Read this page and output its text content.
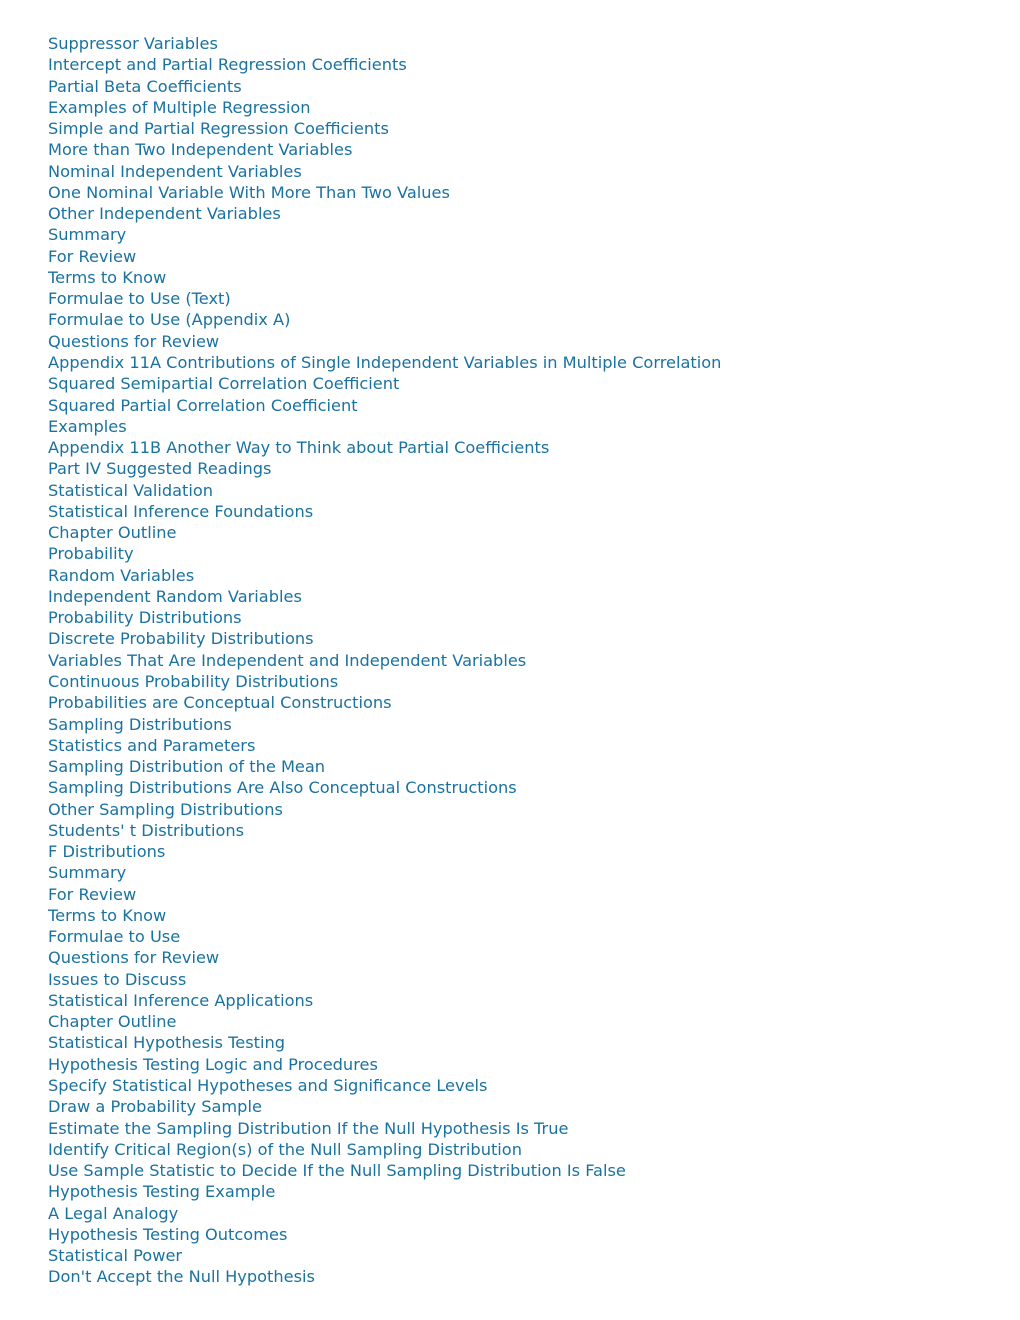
Suppressor Variables
Intercept and Partial Regression Coefficients
Partial Beta Coefficients
Examples of Multiple Regression
Simple and Partial Regression Coefficients
More than Two Independent Variables
Nominal Independent Variables
One Nominal Variable With More Than Two Values
Other Independent Variables
Summary
For Review
Terms to Know
Formulae to Use (Text)
Formulae to Use (Appendix A)
Questions for Review
Appendix 11A Contributions of Single Independent Variables in Multiple Correlation
Squared Semipartial Correlation Coefficient
Squared Partial Correlation Coefficient
Examples
Appendix 11B Another Way to Think about Partial Coefficients
Part IV Suggested Readings
Statistical Validation
Statistical Inference Foundations
Chapter Outline
Probability
Random Variables
Independent Random Variables
Probability Distributions
Discrete Probability Distributions
Variables That Are Independent and Independent Variables
Continuous Probability Distributions
Probabilities are Conceptual Constructions
Sampling Distributions
Statistics and Parameters
Sampling Distribution of the Mean
Sampling Distributions Are Also Conceptual Constructions
Other Sampling Distributions
Students' t Distributions
F Distributions
Summary
For Review
Terms to Know
Formulae to Use
Questions for Review
Issues to Discuss
Statistical Inference Applications
Chapter Outline
Statistical Hypothesis Testing
Hypothesis Testing Logic and Procedures
Specify Statistical Hypotheses and Significance Levels
Draw a Probability Sample
Estimate the Sampling Distribution If the Null Hypothesis Is True
Identify Critical Region(s) of the Null Sampling Distribution
Use Sample Statistic to Decide If the Null Sampling Distribution Is False
Hypothesis Testing Example
A Legal Analogy
Hypothesis Testing Outcomes
Statistical Power
Don't Accept the Null Hypothesis
